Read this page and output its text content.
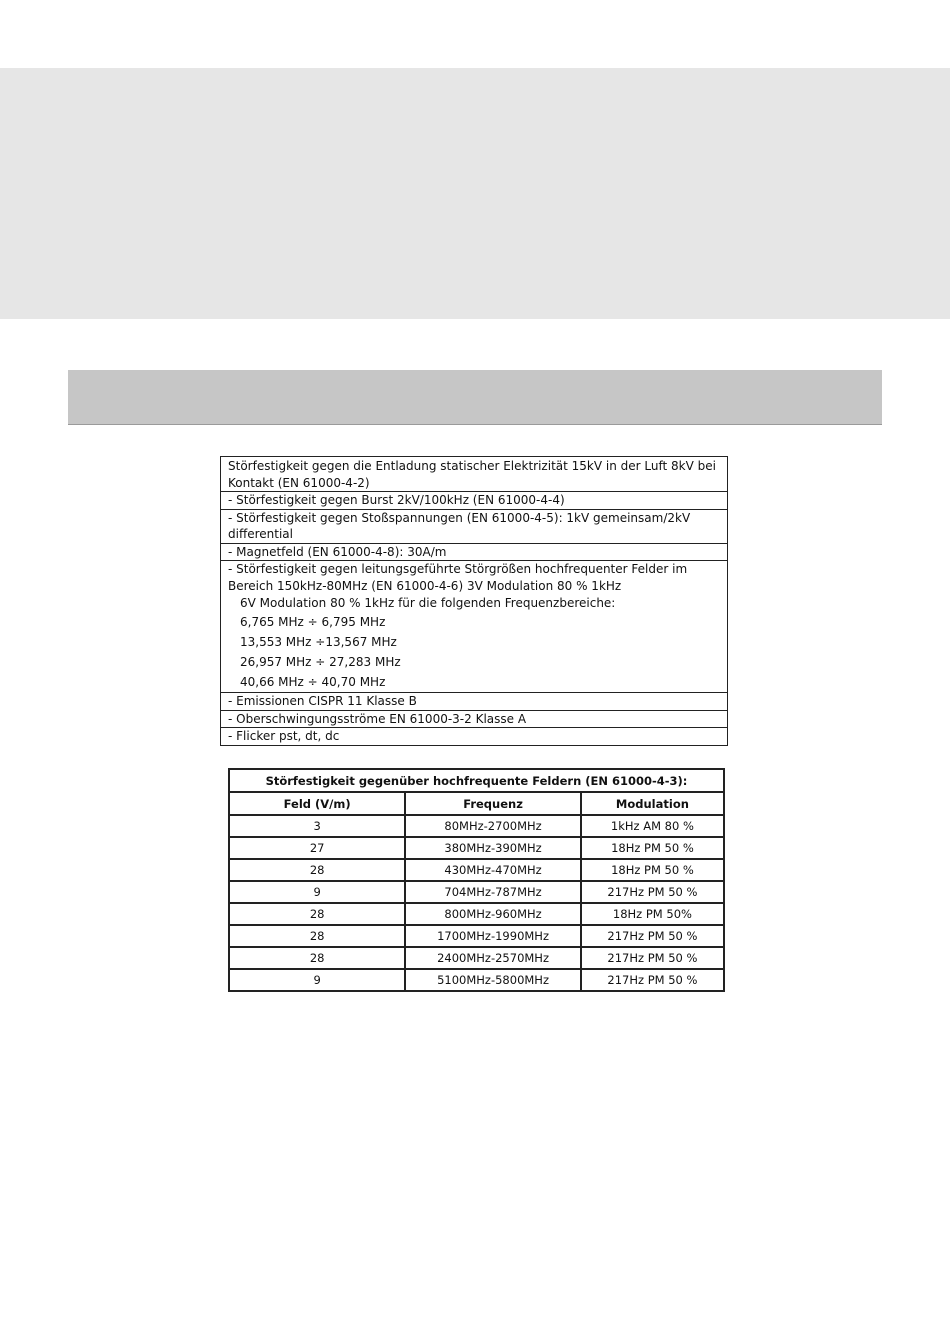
Störfestigkeit gegen die Entladung statischer Elektrizität 15kV in der Luft 8kV bei
Kontakt (EN 61000-4-2)
- Störfestigkeit gegen Burst 2kV/100kHz (EN 61000-4-4)
- Störfestigkeit gegen Stoßspannungen (EN 61000-4-5): 1kV gemeinsam/2kV
differential
- Magnetfeld (EN 61000-4-8): 30A/m
- Störfestigkeit gegen leitungsgeführte Störgrößen hochfrequenter Felder im
Bereich 150kHz-80MHz (EN 61000-4-6) 3V Modulation 80 % 1kHz
6V Modulation 80 % 1kHz für die folgenden Frequenzbereiche:
6,765 MHz ÷ 6,795 MHz
13,553 MHz ÷13,567 MHz
26,957 MHz ÷ 27,283 MHz
40,66 MHz ÷ 40,70 MHz
- Emissionen CISPR 11 Klasse B
- Oberschwingungsströme EN 61000-3-2 Klasse A
- Flicker pst, dt, dc
Störfestigkeit gegenüber hochfrequente Feldern (EN 61000-4-3):		
Feld (V/m)	Frequenz	Modulation
3	80MHz-2700MHz	1kHz AM 80 %
27	380MHz-390MHz	18Hz PM 50 %
28	430MHz-470MHz	18Hz PM 50 %
9	704MHz-787MHz	217Hz PM 50 %
28	800MHz-960MHz	18Hz PM 50%
28	1700MHz-1990MHz	217Hz PM 50 %
28	2400MHz-2570MHz	217Hz PM 50 %
9	5100MHz-5800MHz	217Hz PM 50 %
